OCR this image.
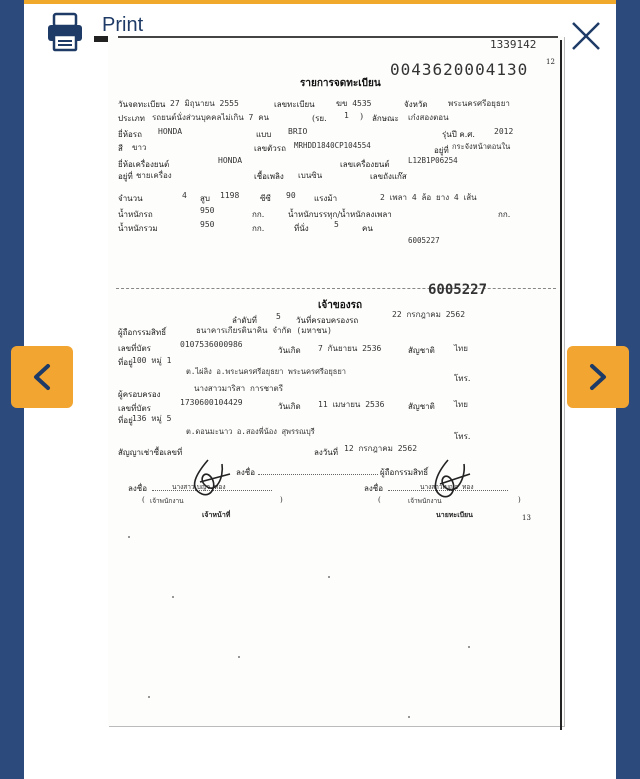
Print
1339142
0043620004130	12
รายการจดทะเบียน
วันจดทะเบียน 27 มิถุนายน 2555	เลขทะเบียน	ฆข 4535	จังหวัด	พระนครศรีอยุธยา
ประเภท รถยนต์นั่งส่วนบุคคลไม่เกิน 7 คน	(รย. 1 ) ลักษณะ เก๋งสองตอน
ยี่ห้อรถ HONDA	แบบ BRIO	รุ่นปี ค.ศ. 2012
สี ขาว	เลขตัวรถ MRHDD1840CP104554
อยู่ที่ กระจังหน้าตอนใน
ยี่ห้อเครื่องยนต์	HONDA	เลขเครื่องยนต์ L12B1P06254
อยู่ที่ ชายเครื่อง	เชื้อเพลิง เบนซิน	เลขถังแก๊ส
จำนวน	4 สูบ 1198	ซีซี 90 แรงม้า	2 เพลา 4 ล้อ ยาง 4 เส้น
น้ำหนักรถ	950	กก.	น้ำหนักบรรทุก/น้ำหนักลงเพลา	กก.
น้ำหนักรวม	950	กก.	ที่นั่ง	5	คน
6005227
6005227
เจ้าของรถ
ลำดับที่ 5 วันที่ครอบครองรถ
22 กรกฎาคม 2562
ผู้ถือกรรมสิทธิ์	ธนาคารเกียรตินาคิน จำกัด (มหาชน)
เลขที่บัตร	0107536000986
วันเกิด 7 กันยายน 2536	สัญชาติ ไทย
ที่อยู่ 100 หมู่ 1
ต.ไผ่ลิง อ.พระนครศรีอยุธยา พระนครศรีอยุธยา
โทร.
ผู้ครอบครอง
นางสาวมาริสา การชาตรี
เลขที่บัตร
1730600104429	วันเกิด 11 เมษายน 2536	สัญชาติ ไทย
ที่อยู่ 136 หมู่ 5
ต.ดอนมะนาว อ.สองพี่น้อง สุพรรณบุรี
โทร.
สัญญาเช่าซื้อเลขที่	ลงวันที่ 12 กรกฎาคม 2562
ลงชื่อ	ผู้ถือกรรมสิทธิ์
ลงชื่อ	นางสาวเบญจ ทอง
( เจ้าพนักงาน	)
เจ้าหน้าที่
ลงชื่อ	นางสาวเบญจ ทอง
(	เจ้าพนักงาน	)
นายทะเบียน	13
